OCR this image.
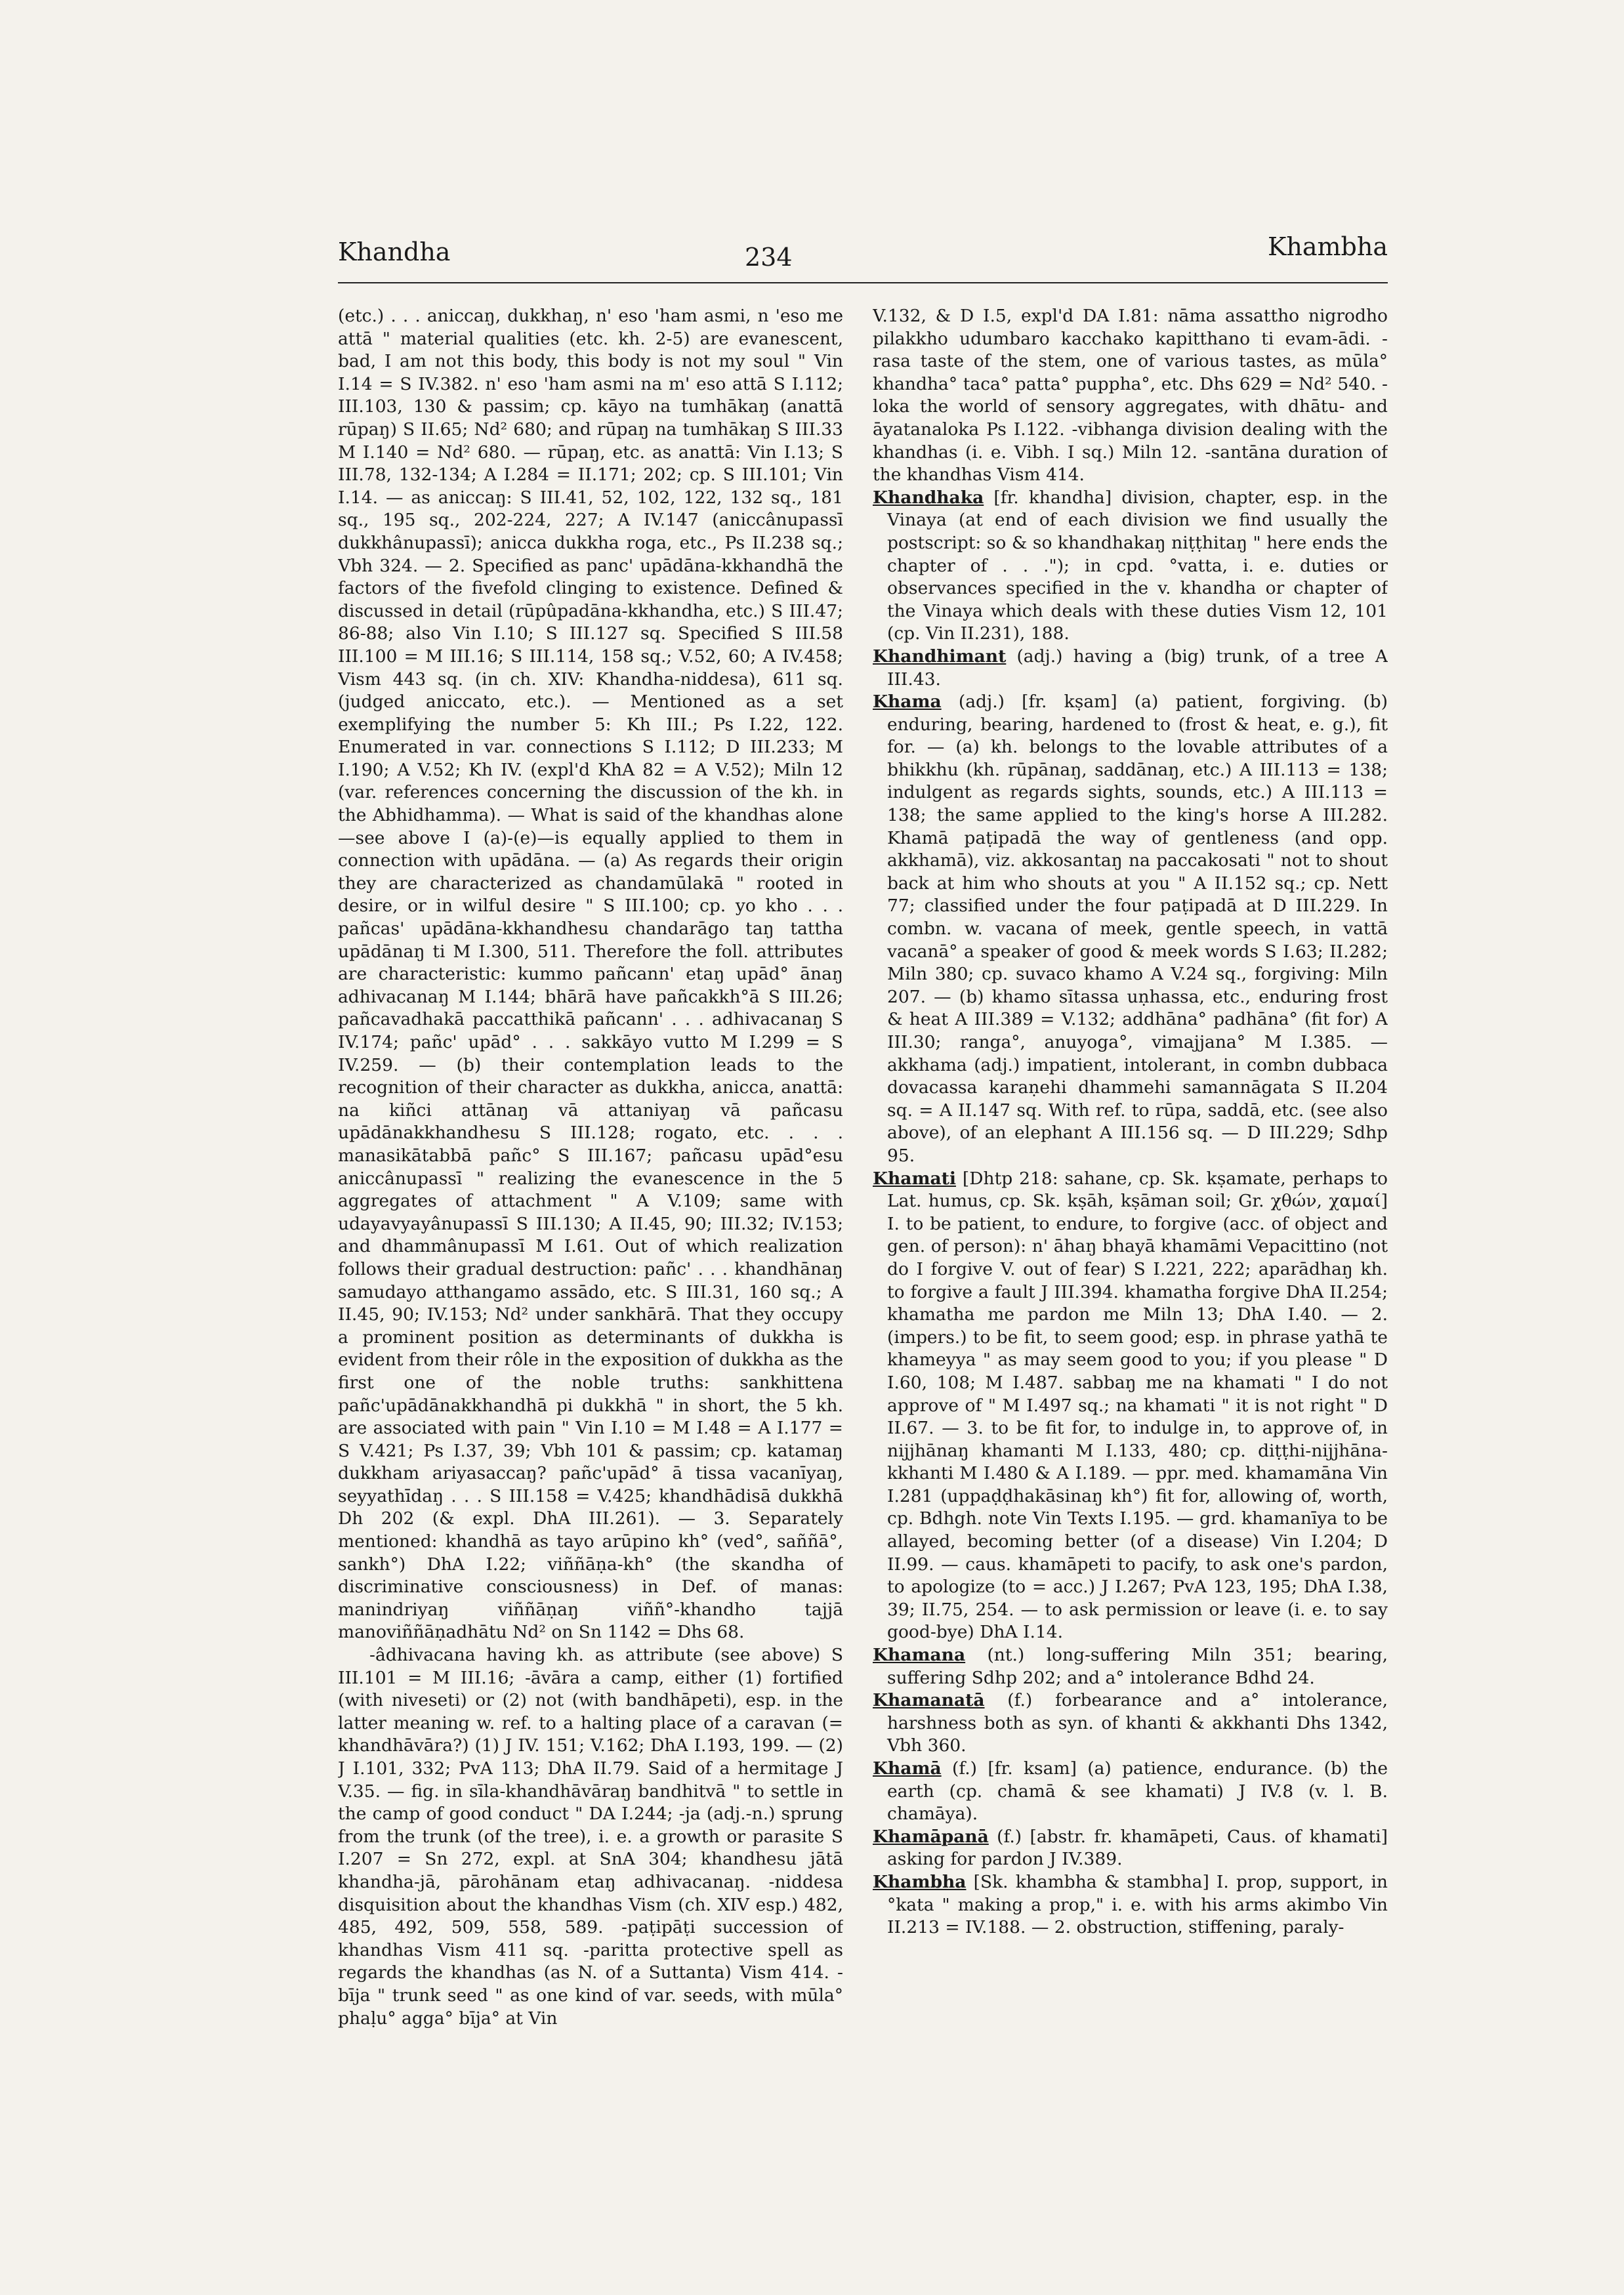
Khandha	234	Khambha

(etc.) . . . aniccaŋ, dukkhaŋ, n' eso 'ham asmi, n 'eso me attā " material qualities (etc. kh. 2-5) are evanescent, bad, I am not this body, this body is not my soul " Vin I.14 = S IV.382. n' eso 'ham asmi na m' eso attā S I.112; III.103, 130 & passim; cp. kāyo na tumhākaŋ (anattā rūpaŋ) S II.65; Nd² 680; and rūpaŋ na tumhākaŋ S III.33 M I.140 = Nd² 680. — rūpaŋ, etc. as anattā: Vin I.13; S III.78, 132-134; A I.284 = II.171; 202; cp. S III.101; Vin I.14. — as aniccaŋ: S III.41, 52, 102, 122, 132 sq., 181 sq., 195 sq., 202-224, 227; A IV.147 (aniccânupassī dukkhânupassī); anicca dukkha roga, etc., Ps II.238 sq.; Vbh 324. — 2. Specified as panc' upādāna-kkhandhā the factors of the fivefold clinging to existence. Defined & discussed in detail (rūpûpadāna-kkhandha, etc.) S III.47; 86-88; also Vin I.10; S III.127 sq. Specified S III.58 III.100 = M III.16; S III.114, 158 sq.; V.52, 60; A IV.458; Vism 443 sq. (in ch. XIV: Khandha-niddesa), 611 sq. (judged aniccato, etc.). — Mentioned as a set exemplifying the number 5: Kh III.; Ps I.22, 122. Enumerated in var. connections S I.112; D III.233; M I.190; A V.52; Kh IV. (expl'd KhA 82 = A V.52); Miln 12 (var. references concerning the discussion of the kh. in the Abhidhamma). — What is said of the khandhas alone—see above I (a)-(e)—is equally applied to them in connection with upādāna. — (a) As regards their origin they are characterized as chandamūlakā " rooted in desire, or in wilful desire " S III.100; cp. yo kho . . . pañcas' upādāna-kkhandhesu chandarāgo taŋ tattha upādānaŋ ti M I.300, 511. Therefore the foll. attributes are characteristic: kummo pañcann' etaŋ upād° ānaŋ adhivacanaŋ M I.144; bhārā have pañcakkh°ā S III.26; pañcavadhakā paccatthikā pañcann' . . . adhivacanaŋ S IV.174; pañc' upād° . . . sakkāyo vutto M I.299 = S IV.259. — (b) their contemplation leads to the recognition of their character as dukkha, anicca, anattā: na kiñci attānaŋ vā attaniyaŋ vā pañcasu upādānakkhandhesu S III.128; rogato, etc. . . . manasikātabbā pañc° S III.167; pañcasu upād°esu aniccânupassī " realizing the evanescence in the 5 aggregates of attachment " A V.109; same with udayavyayânupassī S III.130; A II.45, 90; III.32; IV.153; and dhammânupassī M I.61. Out of which realization follows their gradual destruction: pañc' . . . khandhānaŋ samudayo atthangamo assādo, etc. S III.31, 160 sq.; A II.45, 90; IV.153; Nd² under sankhārā. That they occupy a prominent position as determinants of dukkha is evident from their rôle in the exposition of dukkha as the first one of the noble truths: sankhittena pañc'upādānakkhandhā pi dukkhā " in short, the 5 kh. are associated with pain " Vin I.10 = M I.48 = A I.177 = S V.421; Ps I.37, 39; Vbh 101 & passim; cp. katamaŋ dukkham ariyasaccaŋ? pañc'upād° ā tissa vacanīyaŋ, seyyathīdaŋ . . . S III.158 = V.425; khandhādisā dukkhā Dh 202 (& expl. DhA III.261). — 3. Separately mentioned: khandhā as tayo arūpino kh° (ved°, saññā°, sankh°) DhA I.22; viññāṇa-kh° (the skandha of discriminative consciousness) in Def. of manas: manindriyaŋ viññāṇaŋ viññ°-khandho tajjā manoviññāṇadhātu Nd² on Sn 1142 = Dhs 68.

-âdhivacana having kh. as attribute (see above) S III.101 = M III.16; -āvāra a camp, either (1) fortified (with niveseti) or (2) not (with bandhāpeti), esp. in the latter meaning w. ref. to a halting place of a caravan (= khandhāvāra?) (1) J IV. 151; V.162; DhA I.193, 199. — (2) J I.101, 332; PvA 113; DhA II.79. Said of a hermitage J V.35. — fig. in sīla-khandhāvāraŋ bandhitvā " to settle in the camp of good conduct " DA I.244; -ja (adj.-n.) sprung from the trunk (of the tree), i. e. a growth or parasite S I.207 = Sn 272, expl. at SnA 304; khandhesu jātā khandha-jā, pārohānam etaŋ adhivacanaŋ. -niddesa disquisition about the khandhas Vism (ch. XIV esp.) 482, 485, 492, 509, 558, 589. -paṭipāṭi succession of khandhas Vism 411 sq. -paritta protective spell as regards the khandhas (as N. of a Suttanta) Vism 414. -bīja " trunk seed " as one kind of var. seeds, with mūla° phaḷu° agga° bīja° at Vin

V.132, & D I.5, expl'd DA I.81: nāma assattho nigrodho pilakkho udumbaro kacchako kapitthano ti evam-ādi. -rasa taste of the stem, one of various tastes, as mūla° khandha° taca° patta° puppha°, etc. Dhs 629 = Nd² 540. -loka the world of sensory aggregates, with dhātu- and āyatanaloka Ps I.122. -vibhanga division dealing with the khandhas (i. e. Vibh. I sq.) Miln 12. -santāna duration of the khandhas Vism 414.

Khandhaka [fr. khandha] division, chapter, esp. in the Vinaya (at end of each division we find usually the postscript: so & so khandhakaŋ niṭṭhitaŋ " here ends the chapter of . . ."); in cpd. °vatta, i. e. duties or observances specified in the v. khandha or chapter of the Vinaya which deals with these duties Vism 12, 101 (cp. Vin II.231), 188.

Khandhimant (adj.) having a (big) trunk, of a tree A III.43.

Khama (adj.) [fr. kṣam] (a) patient, forgiving. (b) enduring, bearing, hardened to (frost & heat, e. g.), fit for. — (a) kh. belongs to the lovable attributes of a bhikkhu (kh. rūpānaŋ, saddānaŋ, etc.) A III.113 = 138; indulgent as regards sights, sounds, etc.) A III.113 = 138; the same applied to the king's horse A III.282. Khamā paṭipadā the way of gentleness (and opp. akkhamā), viz. akkosantaŋ na paccakosati " not to shout back at him who shouts at you " A II.152 sq.; cp. Nett 77; classified under the four paṭipadā at D III.229. In combn. w. vacana of meek, gentle speech, in vattā vacanā° a speaker of good & meek words S I.63; II.282; Miln 380; cp. suvaco khamo A V.24 sq., forgiving: Miln 207. — (b) khamo sītassa uṇhassa, etc., enduring frost & heat A III.389 = V.132; addhāna° padhāna° (fit for) A III.30; ranga°, anuyoga°, vimajjana° M I.385. — akkhama (adj.) impatient, intolerant, in combn dubbaca dovacassa karaṇehi dhammehi samannāgata S II.204 sq. = A II.147 sq. With ref. to rūpa, saddā, etc. (see also above), of an elephant A III.156 sq. — D III.229; Sdhp 95.

Khamati [Dhtp 218: sahane, cp. Sk. kṣamate, perhaps to Lat. humus, cp. Sk. kṣāh, kṣāman soil; Gr. χθών, χαμαί] I. to be patient, to endure, to forgive (acc. of object and gen. of person): n' āhaŋ bhayā khamāmi Vepacittino (not do I forgive V. out of fear) S I.221, 222; aparādhaŋ kh. to forgive a fault J III.394. khamatha forgive DhA II.254; khamatha me pardon me Miln 13; DhA I.40. — 2. (impers.) to be fit, to seem good; esp. in phrase yathā te khameyya " as may seem good to you; if you please " D I.60, 108; M I.487. sabbaŋ me na khamati " I do not approve of " M I.497 sq.; na khamati " it is not right " D II.67. — 3. to be fit for, to indulge in, to approve of, in nijjhānaŋ khamanti M I.133, 480; cp. diṭṭhi-nijjhāna-kkhanti M I.480 & A I.189. — ppr. med. khamamāna Vin I.281 (uppaḍḍhakāsinaŋ kh°) fit for, allowing of, worth, cp. Bdhgh. note Vin Texts I.195. — grd. khamanīya to be allayed, becoming better (of a disease) Vin I.204; D II.99. — caus. khamāpeti to pacify, to ask one's pardon, to apologize (to = acc.) J I.267; PvA 123, 195; DhA I.38, 39; II.75, 254. — to ask permission or leave (i. e. to say good-bye) DhA I.14.

Khamana (nt.) long-suffering Miln 351; bearing, suffering Sdhp 202; and a° intolerance Bdhd 24.

Khamanatā (f.) forbearance and a° intolerance, harshness both as syn. of khanti & akkhanti Dhs 1342, Vbh 360.

Khamā (f.) [fr. ksam] (a) patience, endurance. (b) the earth (cp. chamā & see khamati) J IV.8 (v. l. B. chamāya).

Khamāpanā (f.) [abstr. fr. khamāpeti, Caus. of khamati] asking for pardon J IV.389.

Khambha [Sk. khambha & stambha] I. prop, support, in °kata " making a prop," i. e. with his arms akimbo Vin II.213 = IV.188. — 2. obstruction, stiffening, paraly-
